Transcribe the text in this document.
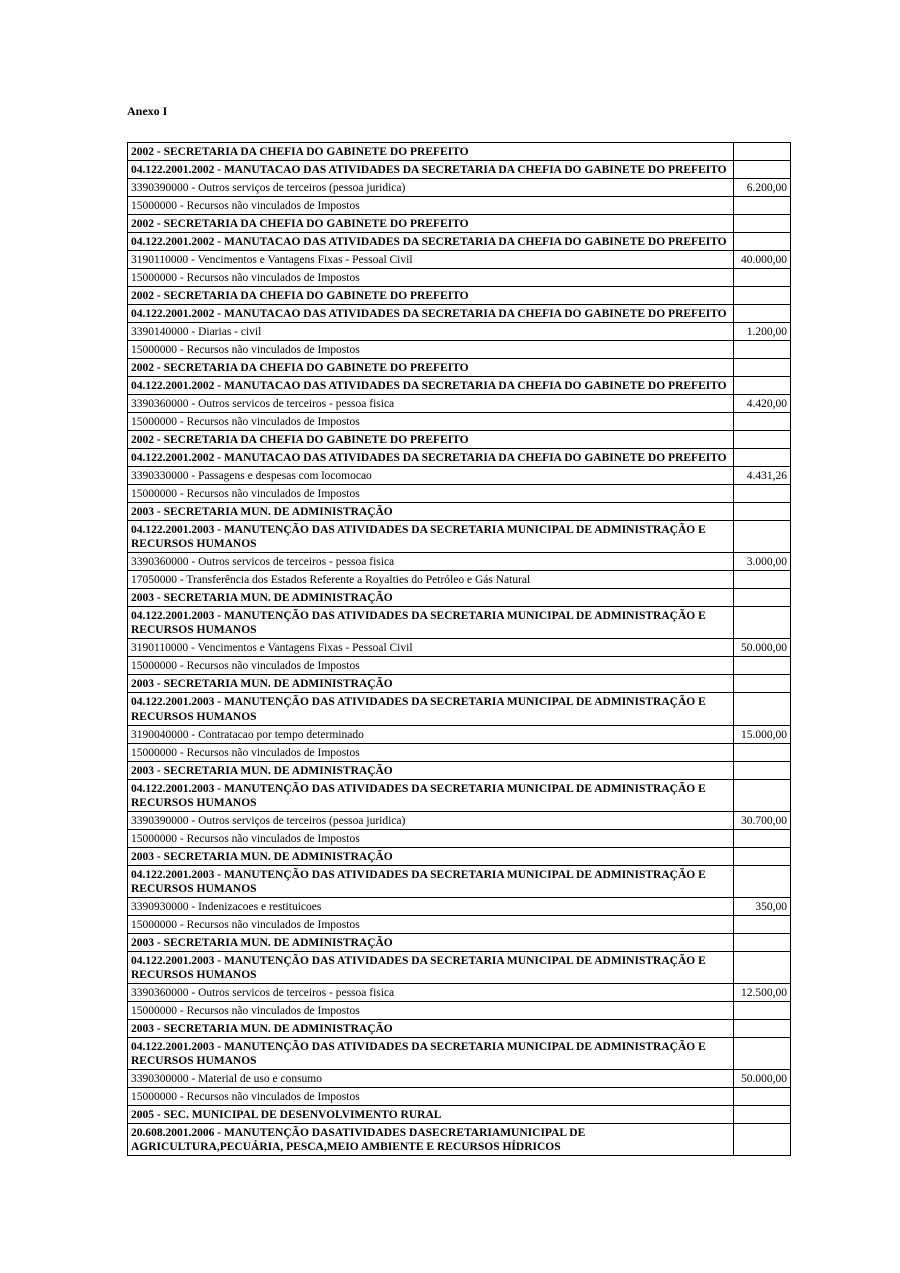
Anexo I
2002 - SECRETARIA DA CHEFIA DO GABINETE DO PREFEITO	
04.122.2001.2002 - MANUTACAO DAS ATIVIDADES DA SECRETARIA DA CHEFIA DO GABINETE DO PREFEITO	
3390390000 - Outros serviços de terceiros (pessoa juridica)	6.200,00
15000000 - Recursos não vinculados de Impostos	
2002 - SECRETARIA DA CHEFIA DO GABINETE DO PREFEITO	
04.122.2001.2002 - MANUTACAO DAS ATIVIDADES DA SECRETARIA DA CHEFIA DO GABINETE DO PREFEITO	
3190110000 - Vencimentos e Vantagens Fixas - Pessoal Civil	40.000,00
15000000 - Recursos não vinculados de Impostos	
2002 - SECRETARIA DA CHEFIA DO GABINETE DO PREFEITO	
04.122.2001.2002 - MANUTACAO DAS ATIVIDADES DA SECRETARIA DA CHEFIA DO GABINETE DO PREFEITO	
3390140000 - Diarias - civil	1.200,00
15000000 - Recursos não vinculados de Impostos	
2002 - SECRETARIA DA CHEFIA DO GABINETE DO PREFEITO	
04.122.2001.2002 - MANUTACAO DAS ATIVIDADES DA SECRETARIA DA CHEFIA DO GABINETE DO PREFEITO	
3390360000 - Outros servicos de terceiros - pessoa fisica	4.420,00
15000000 - Recursos não vinculados de Impostos	
2002 - SECRETARIA DA CHEFIA DO GABINETE DO PREFEITO	
04.122.2001.2002 - MANUTACAO DAS ATIVIDADES DA SECRETARIA DA CHEFIA DO GABINETE DO PREFEITO	
3390330000 - Passagens e despesas com locomocao	4.431,26
15000000 - Recursos não vinculados de Impostos	
2003 - SECRETARIA MUN. DE ADMINISTRAÇÃO	
04.122.2001.2003 - MANUTENÇÃO DAS ATIVIDADES DA SECRETARIA MUNICIPAL DE ADMINISTRAÇÃO E RECURSOS HUMANOS	
3390360000 - Outros servicos de terceiros - pessoa fisica	3.000,00
17050000 - Transferência dos Estados Referente a Royalties do Petróleo e Gás Natural	
2003 - SECRETARIA MUN. DE ADMINISTRAÇÃO	
04.122.2001.2003 - MANUTENÇÃO DAS ATIVIDADES DA SECRETARIA MUNICIPAL DE ADMINISTRAÇÃO E RECURSOS HUMANOS	
3190110000 - Vencimentos e Vantagens Fixas - Pessoal Civil	50.000,00
15000000 - Recursos não vinculados de Impostos	
2003 - SECRETARIA MUN. DE ADMINISTRAÇÃO	
04.122.2001.2003 - MANUTENÇÃO DAS ATIVIDADES DA SECRETARIA MUNICIPAL DE ADMINISTRAÇÃO E RECURSOS HUMANOS	
3190040000 - Contratacao por tempo determinado	15.000,00
15000000 - Recursos não vinculados de Impostos	
2003 - SECRETARIA MUN. DE ADMINISTRAÇÃO	
04.122.2001.2003 - MANUTENÇÃO DAS ATIVIDADES DA SECRETARIA MUNICIPAL DE ADMINISTRAÇÃO E RECURSOS HUMANOS	
3390390000 - Outros serviços de terceiros (pessoa juridica)	30.700,00
15000000 - Recursos não vinculados de Impostos	
2003 - SECRETARIA MUN. DE ADMINISTRAÇÃO	
04.122.2001.2003 - MANUTENÇÃO DAS ATIVIDADES DA SECRETARIA MUNICIPAL DE ADMINISTRAÇÃO E RECURSOS HUMANOS	
3390930000 - Indenizacoes e restituicoes	350,00
15000000 - Recursos não vinculados de Impostos	
2003 - SECRETARIA MUN. DE ADMINISTRAÇÃO	
04.122.2001.2003 - MANUTENÇÃO DAS ATIVIDADES DA SECRETARIA MUNICIPAL DE ADMINISTRAÇÃO E RECURSOS HUMANOS	
3390360000 - Outros servicos de terceiros - pessoa fisica	12.500,00
15000000 - Recursos não vinculados de Impostos	
2003 - SECRETARIA MUN. DE ADMINISTRAÇÃO	
04.122.2001.2003 - MANUTENÇÃO DAS ATIVIDADES DA SECRETARIA MUNICIPAL DE ADMINISTRAÇÃO E RECURSOS HUMANOS	
3390300000 - Material de uso e consumo	50.000,00
15000000 - Recursos não vinculados de Impostos	
2005 - SEC. MUNICIPAL DE DESENVOLVIMENTO RURAL	
20.608.2001.2006 - MANUTENÇÃO DASATIVIDADES DASECRETARIAMUNICIPAL DE AGRICULTURA,PECUÁRIA, PESCA,MEIO AMBIENTE E RECURSOS HÍDRICOS	
